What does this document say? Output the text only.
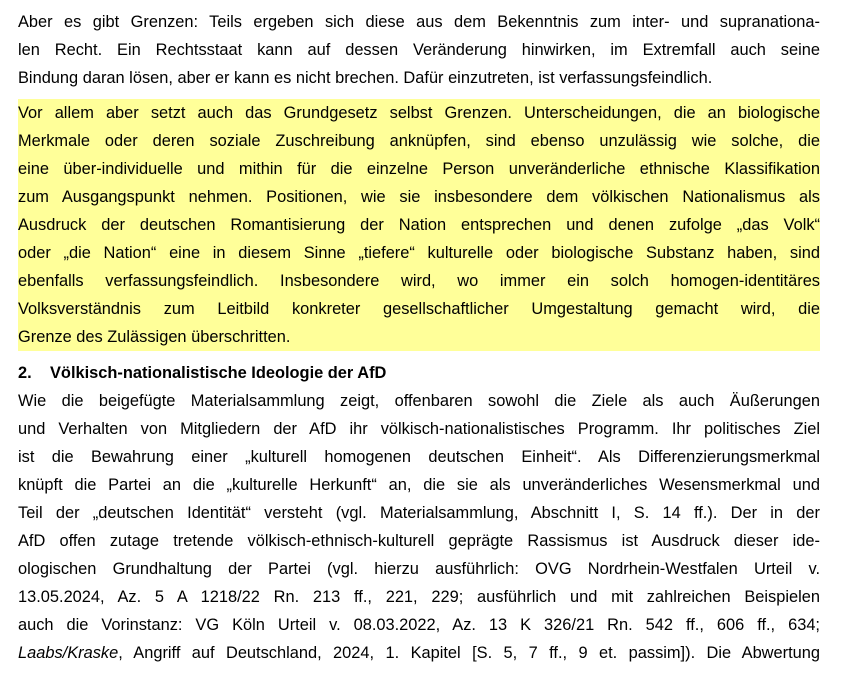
Aber es gibt Grenzen: Teils ergeben sich diese aus dem Bekenntnis zum inter- und supranationa-
len Recht. Ein Rechtsstaat kann auf dessen Veränderung hinwirken, im Extremfall auch seine
Bindung daran lösen, aber er kann es nicht brechen. Dafür einzutreten, ist verfassungsfeindlich.
Vor allem aber setzt auch das Grundgesetz selbst Grenzen. Unterscheidungen, die an biologische
Merkmale oder deren soziale Zuschreibung anknüpfen, sind ebenso unzulässig wie solche, die
eine über-individuelle und mithin für die einzelne Person unveränderliche ethnische Klassifikation
zum Ausgangspunkt nehmen. Positionen, wie sie insbesondere dem völkischen Nationalismus als
Ausdruck der deutschen Romantisierung der Nation entsprechen und denen zufolge „das Volk“
oder „die Nation“ eine in diesem Sinne „tiefere“ kulturelle oder biologische Substanz haben, sind
ebenfalls verfassungsfeindlich. Insbesondere wird, wo immer ein solch homogen-identitäres
Volksverständnis zum Leitbild konkreter gesellschaftlicher Umgestaltung gemacht wird, die
Grenze des Zulässigen überschritten.
2.	Völkisch-nationalistische Ideologie der AfD
Wie die beigefügte Materialsammlung zeigt, offenbaren sowohl die Ziele als auch Äußerungen
und Verhalten von Mitgliedern der AfD ihr völkisch-nationalistisches Programm. Ihr politisches Ziel
ist die Bewahrung einer „kulturell homogenen deutschen Einheit“. Als Differenzierungsmerkmal
knüpft die Partei an die „kulturelle Herkunft“ an, die sie als unveränderliches Wesensmerkmal und
Teil der „deutschen Identität“ versteht (vgl. Materialsammlung, Abschnitt I, S. 14 ff.). Der in der
AfD offen zutage tretende völkisch-ethnisch-kulturell geprägte Rassismus ist Ausdruck dieser ide-
ologischen Grundhaltung der Partei (vgl. hierzu ausführlich: OVG Nordrhein-Westfalen Urteil v.
13.05.2024, Az. 5 A 1218/22 Rn. 213 ff., 221, 229; ausführlich und mit zahlreichen Beispielen
auch die Vorinstanz: VG Köln Urteil v. 08.03.2022, Az. 13 K 326/21 Rn. 542 ff., 606 ff., 634;
Laabs/Kraske, Angriff auf Deutschland, 2024, 1. Kapitel [S. 5, 7 ff., 9 et. passim]). Die Abwertung
